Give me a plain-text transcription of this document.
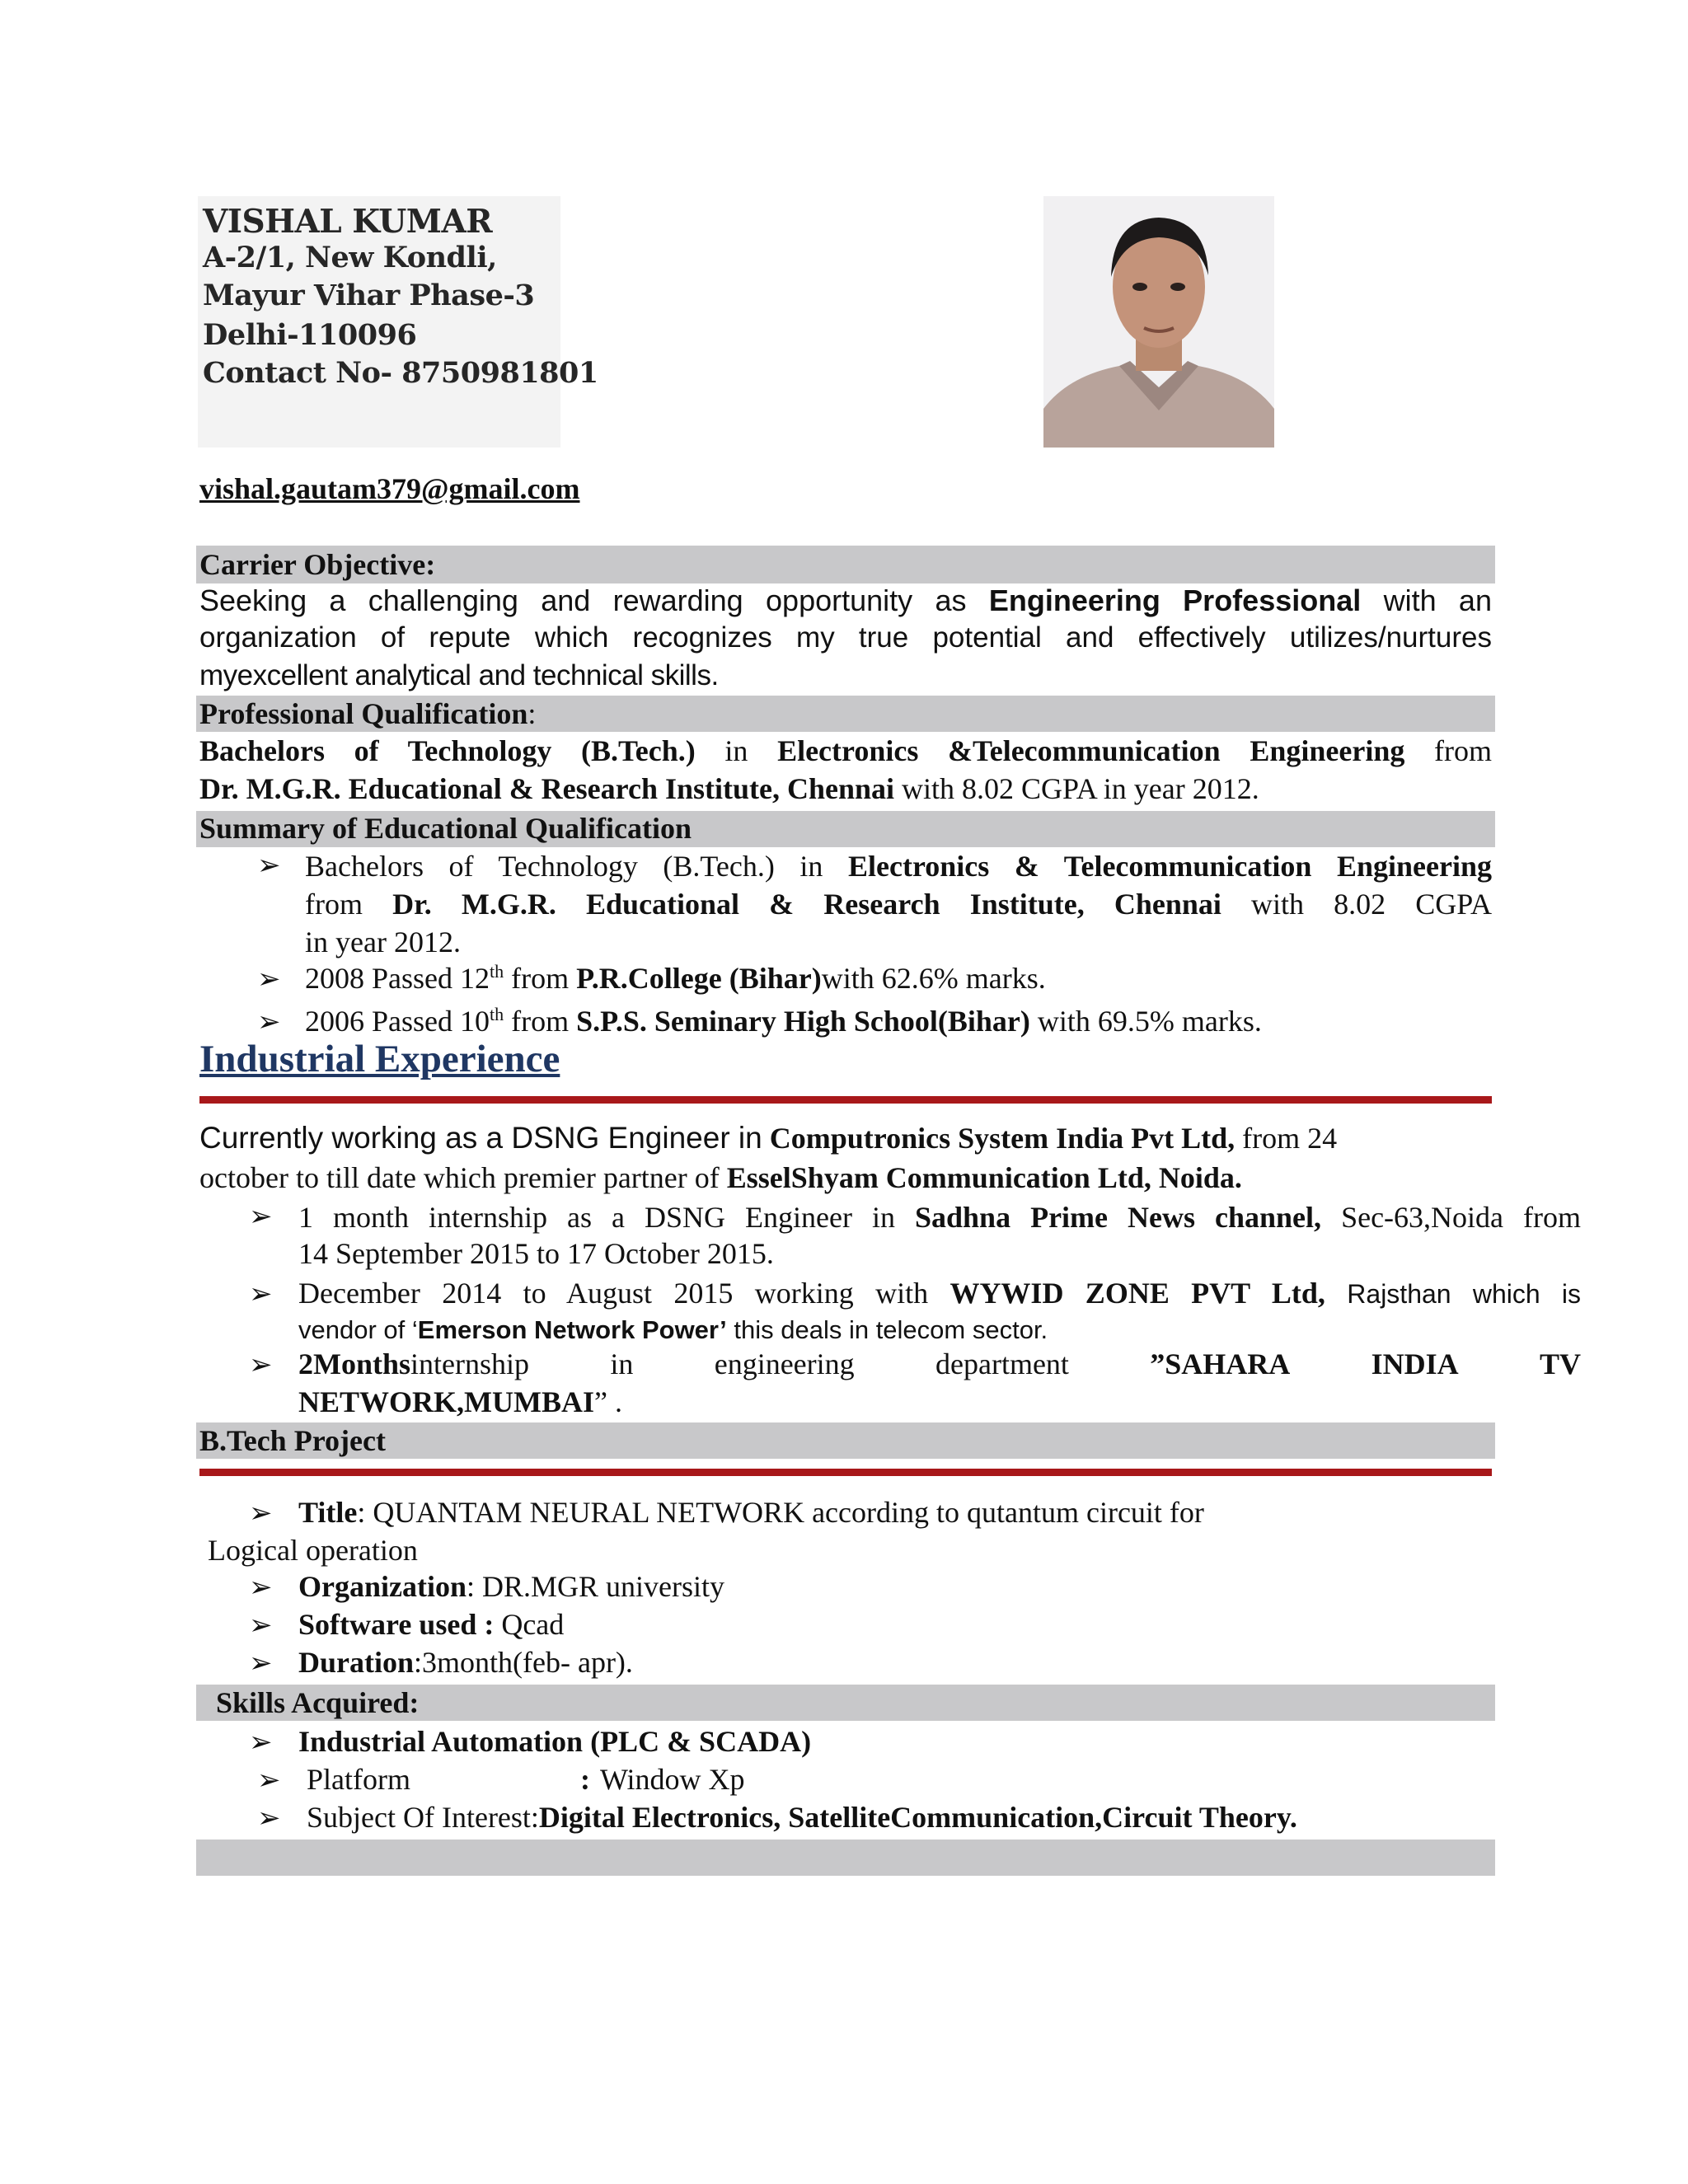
VISHAL KUMAR
A-2/1, New Kondli,
Mayur Vihar Phase-3
Delhi-110096
Contact No- 8750981801
vishal.gautam379@gmail.com
Carrier Objective:
Seeking a challenging and rewarding opportunity as Engineering Professional with an
organization of repute which recognizes my true potential and effectively utilizes/nurtures
myexcellent analytical and technical skills.
Professional Qualification:
Bachelors of Technology (B.Tech.) in Electronics &Telecommunication Engineering from
Dr. M.G.R. Educational & Research Institute, Chennai with 8.02 CGPA in year 2012.
Summary of Educational Qualification
➢ Bachelors of Technology (B.Tech.) in Electronics & Telecommunication Engineering
from Dr. M.G.R. Educational & Research Institute, Chennai with 8.02 CGPA
in year 2012.
➢ 2008 Passed 12th from P.R.College (Bihar)with 62.6% marks.
➢ 2006 Passed 10th from S.P.S. Seminary High School(Bihar) with 69.5% marks.
Industrial Experience
Currently working as a DSNG Engineer in Computronics System India Pvt Ltd, from 24
october to till date which premier partner of EsselShyam Communication Ltd, Noida.
➢ 1 month internship as a DSNG Engineer in Sadhna Prime News channel, Sec-63,Noida from
14 September 2015 to 17 October 2015.
➢ December 2014 to August 2015 working with WYWID ZONE PVT Ltd, Rajsthan which is
vendor of ‘Emerson Network Power’ this deals in telecom sector.
➢ 2Monthsinternship	in	engineering	department	”SAHARA	INDIA	TV
NETWORK,MUMBAI” .
B.Tech Project
➢ Title: QUANTAM NEURAL NETWORK according to qutantum circuit for
Logical operation
➢ Organization: DR.MGR university
➢ Software used : Qcad
➢ Duration:3month(feb- apr).
Skills Acquired:
➢ Industrial Automation (PLC & SCADA)
➢ Platform	: Window Xp
➢ Subject Of Interest:Digital Electronics, SatelliteCommunication,Circuit Theory.
